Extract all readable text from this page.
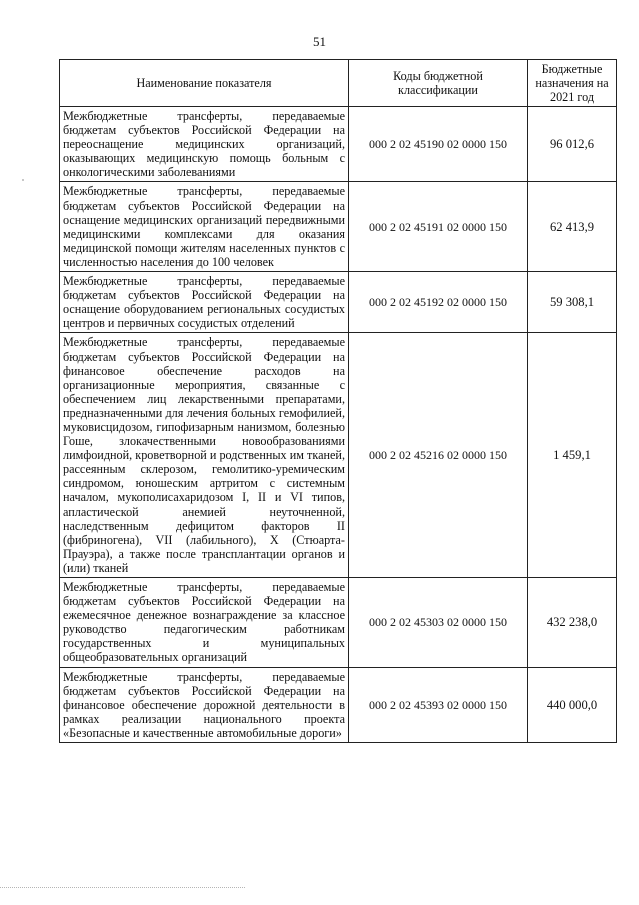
51
Наименование показателя	Коды бюджетной классификации	Бюджетные назначения на 2021 год
Межбюджетные трансферты, передаваемые бюджетам субъектов Российской Федерации на переоснащение медицинских организаций, оказывающих медицинскую помощь больным с онкологическими заболеваниями	000 2 02 45190 02 0000 150	96 012,6
Межбюджетные трансферты, передаваемые бюджетам субъектов Российской Федерации на оснащение медицинских организаций передвижными медицинскими комплексами для оказания медицинской помощи жителям населенных пунктов с численностью населения до 100 человек	000 2 02 45191 02 0000 150	62 413,9
Межбюджетные трансферты, передаваемые бюджетам субъектов Российской Федерации на оснащение оборудованием региональных сосудистых центров и первичных сосудистых отделений	000 2 02 45192 02 0000 150	59 308,1
Межбюджетные трансферты, передаваемые бюджетам субъектов Российской Федерации на финансовое обеспечение расходов на организационные мероприятия, связанные с обеспечением лиц лекарственными препаратами, предназначенными для лечения больных гемофилией, муковисцидозом, гипофизарным нанизмом, болезнью Гоше, злокачественными новообразованиями лимфоидной, кроветворной и родственных им тканей, рассеянным склерозом, гемолитико-уремическим синдромом, юношеским артритом с системным началом, мукополисахаридозом I, II и VI типов, апластической анемией неуточненной, наследственным дефицитом факторов II (фибриногена), VII (лабильного), X (Стюарта-Прауэра), а также после трансплантации органов и (или) тканей	000 2 02 45216 02 0000 150	1 459,1
Межбюджетные трансферты, передаваемые бюджетам субъектов Российской Федерации на ежемесячное денежное вознаграждение за классное руководство педагогическим работникам государственных и муниципальных общеобразовательных организаций	000 2 02 45303 02 0000 150	432 238,0
Межбюджетные трансферты, передаваемые бюджетам субъектов Российской Федерации на финансовое обеспечение дорожной деятельности в рамках реализации национального проекта «Безопасные и качественные автомобильные дороги»	000 2 02 45393 02 0000 150	440 000,0
